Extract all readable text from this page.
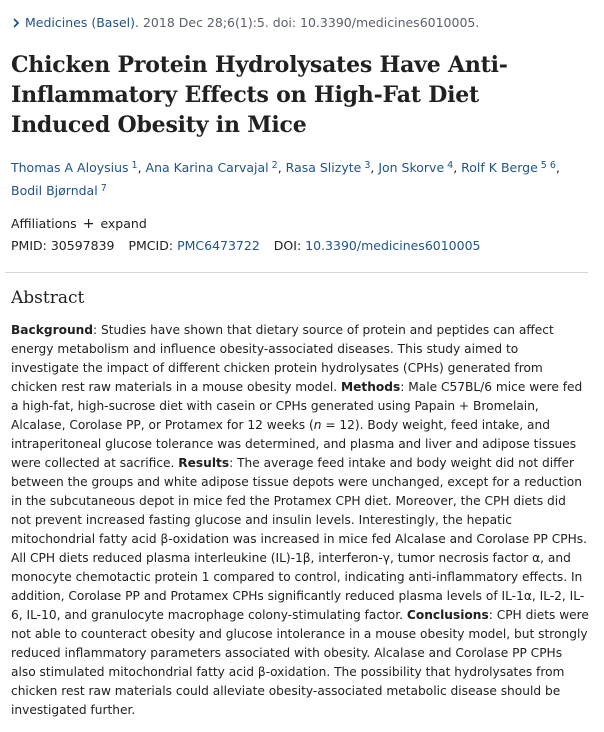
Medicines (Basel). 2018 Dec 28;6(1):5. doi: 10.3390/medicines6010005.
Chicken Protein Hydrolysates Have Anti-Inflammatory Effects on High-Fat Diet Induced Obesity in Mice
Thomas A Aloysius $^1$, Ana Karina Carvajal $^2$, Rasa Slizyte $^3$, Jon Skorve $^4$, Rolf K Berge $^{5 6}$,
Bodil Bjørndal $^7$
Affiliations + expand
PMID: 30597839 PMCID: PMC6473722 DOI: 10.3390/medicines6010005
Abstract

Background: Studies have shown that dietary source of protein and peptides can affect energy metabolism and influence obesity-associated diseases. This study aimed to investigate the impact of different chicken protein hydrolysates (CPHs) generated from chicken rest raw materials in a mouse obesity model. Methods: Male C57BL/6 mice were fed a high-fat, high-sucrose diet with casein or CPHs generated using Papain + Bromelain, Alcalase, Corolase PP, or Protamex for 12 weeks (n = 12). Body weight, feed intake, and intraperitoneal glucose tolerance was determined, and plasma and liver and adipose tissues were collected at sacrifice. Results: The average feed intake and body weight did not differ between the groups and white adipose tissue depots were unchanged, except for a reduction in the subcutaneous depot in mice fed the Protamex CPH diet. Moreover, the CPH diets did not prevent increased fasting glucose and insulin levels. Interestingly, the hepatic mitochondrial fatty acid β-oxidation was increased in mice fed Alcalase and Corolase PP CPHs. All CPH diets reduced plasma interleukine (IL)-1β, interferon-γ, tumor necrosis factor α, and monocyte chemotactic protein 1 compared to control, indicating anti-inflammatory effects. In addition, Corolase PP and Protamex CPHs significantly reduced plasma levels of IL-1α, IL-2, IL-6, IL-10, and granulocyte macrophage colony-stimulating factor. Conclusions: CPH diets were not able to counteract obesity and glucose intolerance in a mouse obesity model, but strongly reduced inflammatory parameters associated with obesity. Alcalase and Corolase PP CPHs also stimulated mitochondrial fatty acid β-oxidation. The possibility that hydrolysates from chicken rest raw materials could alleviate obesity-associated metabolic disease should be investigated further.
